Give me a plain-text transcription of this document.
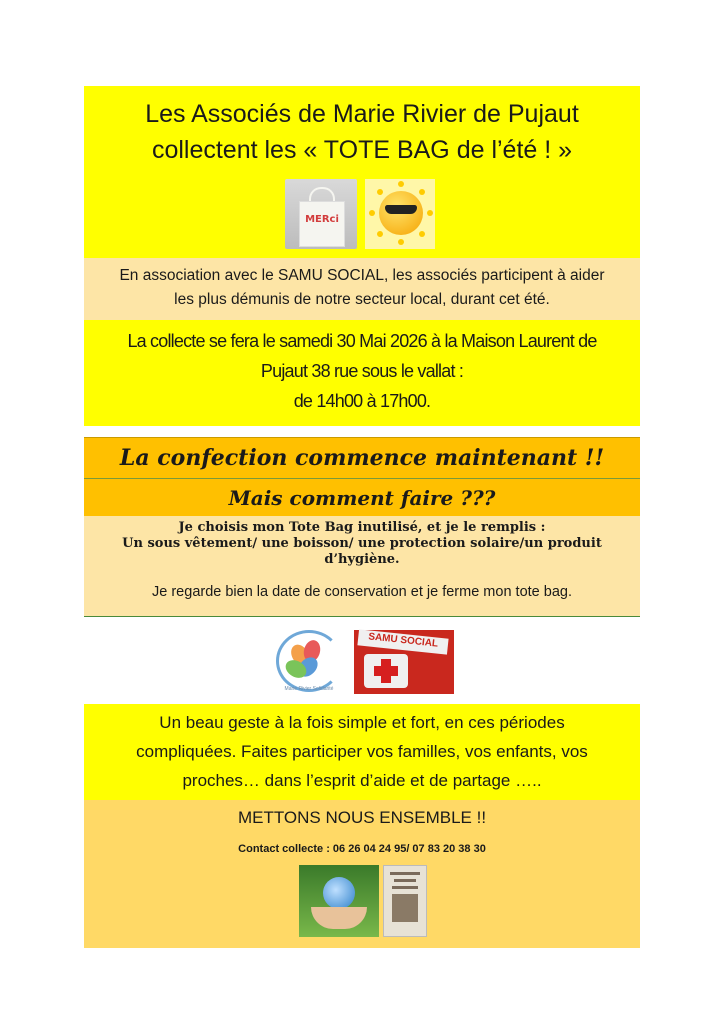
Les Associés de Marie Rivier de Pujaut
collectent les « TOTE BAG de l’été ! »
MERci

En association avec le SAMU SOCIAL, les associés participent à aider

les plus démunis de notre secteur local, durant cet été.

La collecte se fera le samedi 30 Mai 2026 à la Maison Laurent de

Pujaut 38 rue sous le vallat :

de 14h00 à 17h00.

La confection commence maintenant !!
Mais comment faire ???

Je choisis mon Tote Bag inutilisé, et je le remplis :

Un sous vêtement/ une boisson/ une protection solaire/un produit

d’hygiène.

Je regarde bien la date de conservation et je ferme mon tote bag.

Marie Rivier Solidarité
SAMU SOCIAL

Un beau geste à la fois simple et fort, en ces périodes

compliquées. Faites participer vos familles, vos enfants, vos

proches… dans l’esprit d’aide et de partage …..

METTONS NOUS ENSEMBLE !!

Contact collecte : 06 26 04 24 95/ 07 83 20 38 30
